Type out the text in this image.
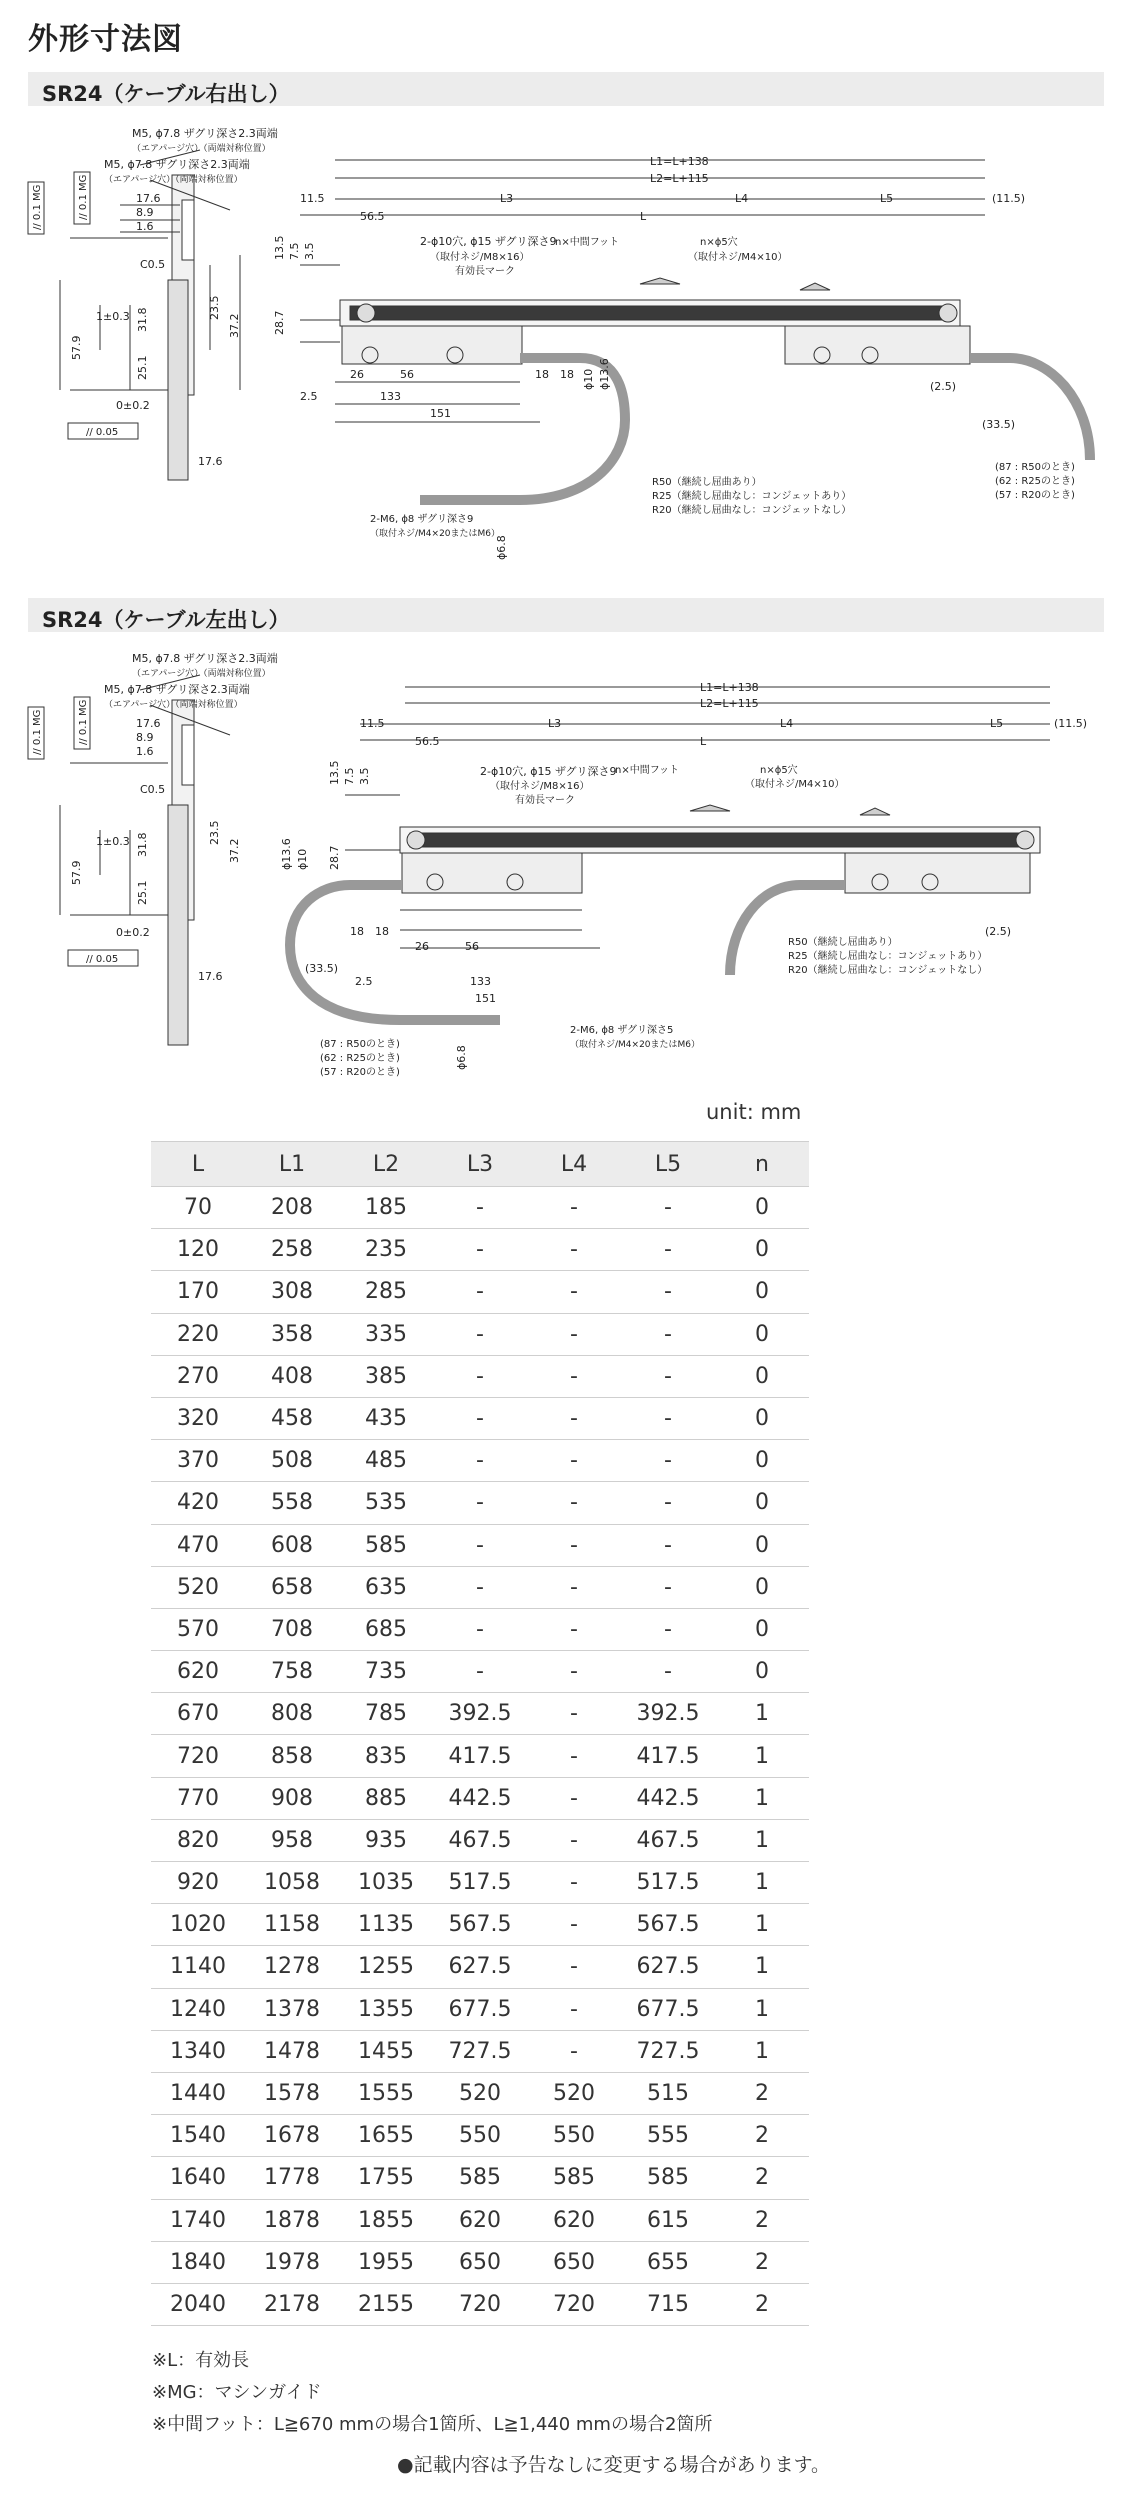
外形寸法図
SR24（ケーブル右出し）
M5, ϕ7.8 ザグリ深さ2.3両端
（エアパージ穴）（両端対称位置）
M5, ϕ7.8 ザグリ深さ2.3両端
（エアパージ穴）（両端対称位置）
// 0.1 MG	// 0.1 MG
// 0.05
17.6
8.9
1.6
C0.5
1±0.3 31.8
57.9
23.5
37.2
25.1
0±0.2
17.6
L1=L+138
L2=L+115
11.5	(11.5)
56.5
L3	L4	L5
L
13.5 7.5 3.5
28.7
2-ϕ10穴, ϕ15 ザグリ深さ9
（取付ネジ/M8×16）
有効長マーク
n×中間フット	n×ϕ5穴
（取付ネジ/M4×10）
26	56
2.5	133
151
18 18 ϕ10 ϕ13.6
ϕ6.8
2-M6, ϕ8 ザグリ深さ9
（取付ネジ/M4×20またはM6）
R50（継続し屈曲あり）
R25（継続し屈曲なし：コンジェットあり）
R20（継続し屈曲なし：コンジェットなし）
(2.5)
(33.5)
(87 : R50のとき)
(62 : R25のとき)
(57 : R20のとき)
SR24（ケーブル左出し）
M5, ϕ7.8 ザグリ深さ2.3両端
（エアパージ穴）（両端対称位置）
M5, ϕ7.8 ザグリ深さ2.3両端
（エアパージ穴）（両端対称位置）
// 0.1 MG	// 0.1 MG
// 0.05
17.6
8.9
1.6
C0.5
1±0.3 31.8
57.9
23.5
37.2
25.1
0±0.2
17.6
L1=L+138
L2=L+115
11.5	(11.5)
56.5
L3	L4	L5
L
13.5 7.5 3.5
28.7
ϕ13.6 ϕ10
2-ϕ10穴, ϕ15 ザグリ深さ9
（取付ネジ/M8×16）
有効長マーク
n×中間フット	n×ϕ5穴
（取付ネジ/M4×10）
18 18
26	56
(33.5)
2.5	133
151
ϕ6.8
2-M6, ϕ8 ザグリ深さ5
（取付ネジ/M4×20またはM6）
(87 : R50のとき)
(62 : R25のとき)
(57 : R20のとき)
R50（継続し屈曲あり）
R25（継続し屈曲なし：コンジェットあり）
R20（継続し屈曲なし：コンジェットなし）
(2.5)
unit: mm
L	L1	L2	L3	L4	L5	n
70	208	185	-	-	-	0
120	258	235	-	-	-	0
170	308	285	-	-	-	0
220	358	335	-	-	-	0
270	408	385	-	-	-	0
320	458	435	-	-	-	0
370	508	485	-	-	-	0
420	558	535	-	-	-	0
470	608	585	-	-	-	0
520	658	635	-	-	-	0
570	708	685	-	-	-	0
620	758	735	-	-	-	0
670	808	785	392.5	-	392.5	1
720	858	835	417.5	-	417.5	1
770	908	885	442.5	-	442.5	1
820	958	935	467.5	-	467.5	1
920	1058	1035	517.5	-	517.5	1
1020	1158	1135	567.5	-	567.5	1
1140	1278	1255	627.5	-	627.5	1
1240	1378	1355	677.5	-	677.5	1
1340	1478	1455	727.5	-	727.5	1
1440	1578	1555	520	520	515	2
1540	1678	1655	550	550	555	2
1640	1778	1755	585	585	585	2
1740	1878	1855	620	620	615	2
1840	1978	1955	650	650	655	2
2040	2178	2155	720	720	715	2
※L：有効長
※MG：マシンガイド
※中間フット：L≧670 mmの場合1箇所、L≧1,440 mmの場合2箇所
●記載内容は予告なしに変更する場合があります。
